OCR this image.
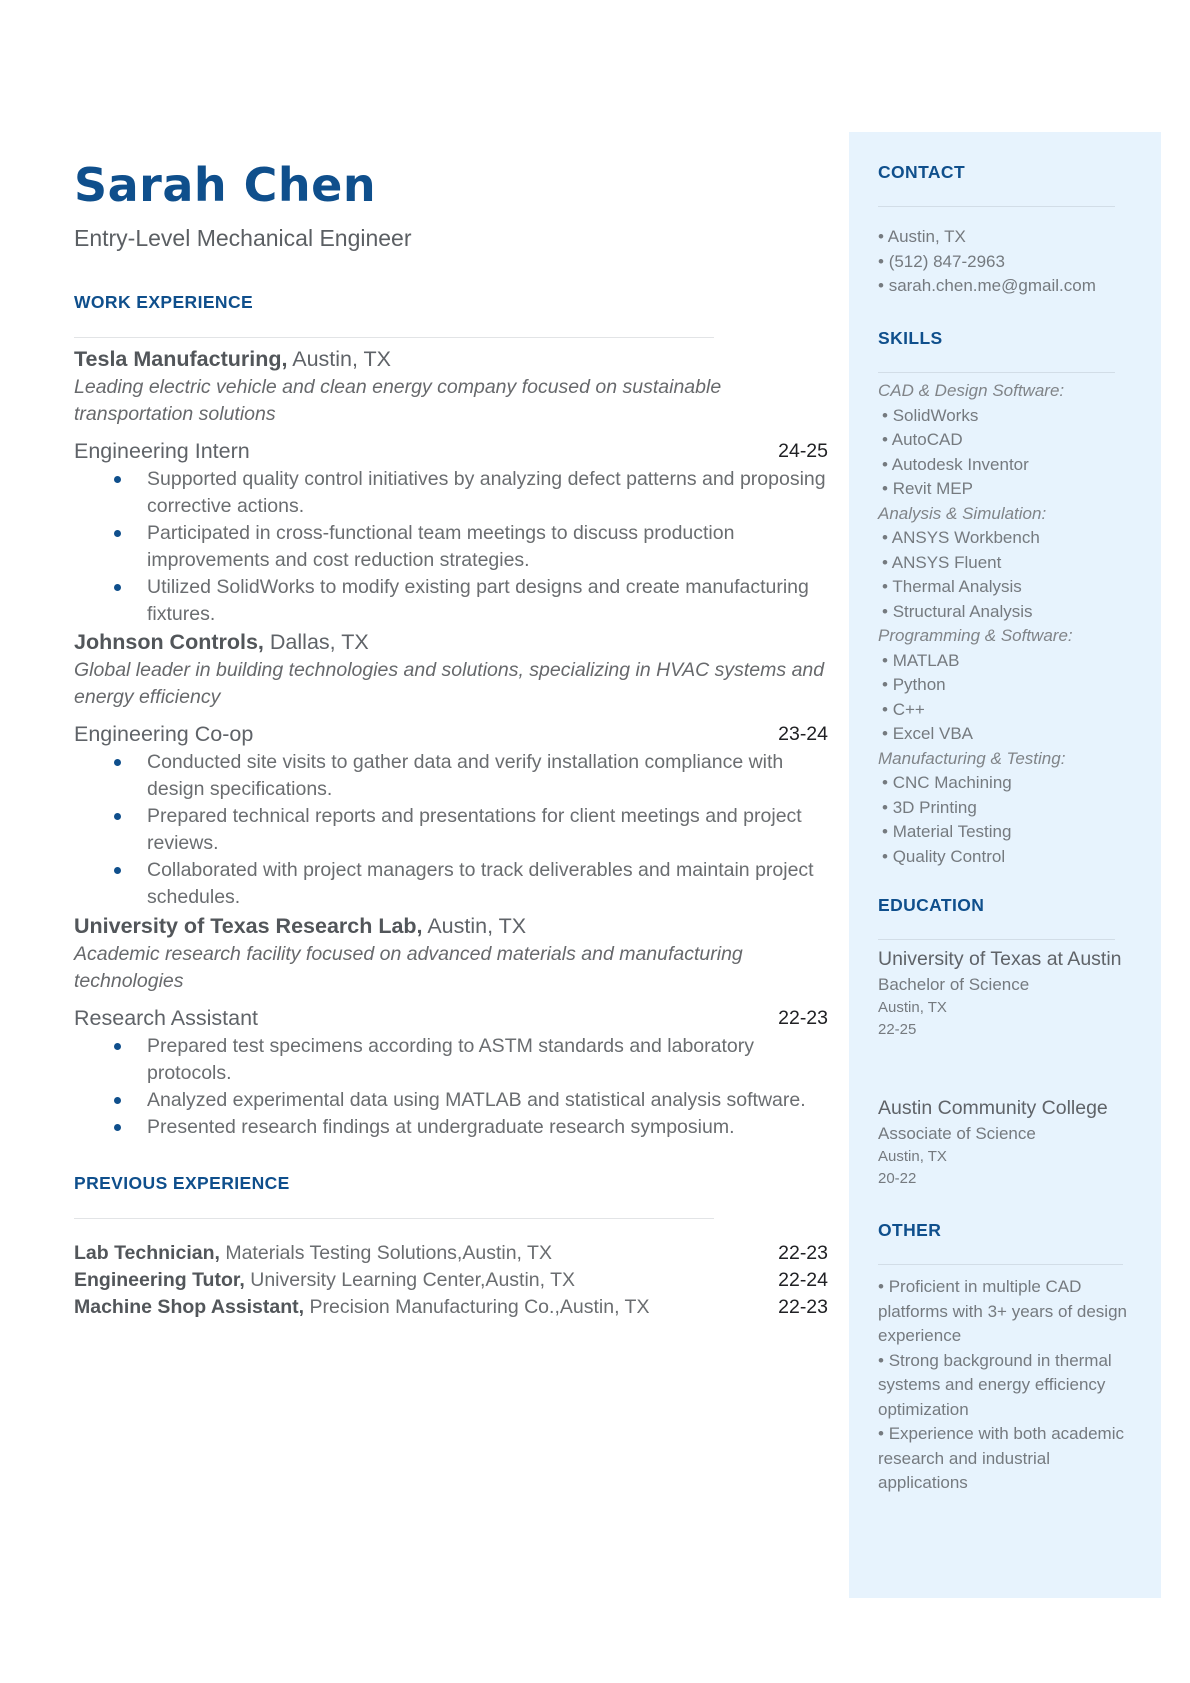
Sarah Chen
Entry-Level Mechanical Engineer
WORK EXPERIENCE
Tesla Manufacturing, Austin, TX
Leading electric vehicle and clean energy company focused on sustainable transportation solutions
Engineering Intern	24-25
Supported quality control initiatives by analyzing defect patterns and proposing corrective actions.
Participated in cross-functional team meetings to discuss production improvements and cost reduction strategies.
Utilized SolidWorks to modify existing part designs and create manufacturing fixtures.
Johnson Controls, Dallas, TX
Global leader in building technologies and solutions, specializing in HVAC systems and energy efficiency
Engineering Co-op	23-24
Conducted site visits to gather data and verify installation compliance with design specifications.
Prepared technical reports and presentations for client meetings and project reviews.
Collaborated with project managers to track deliverables and maintain project schedules.
University of Texas Research Lab, Austin, TX
Academic research facility focused on advanced materials and manufacturing technologies
Research Assistant	22-23
Prepared test specimens according to ASTM standards and laboratory protocols.
Analyzed experimental data using MATLAB and statistical analysis software.
Presented research findings at undergraduate research symposium.
PREVIOUS EXPERIENCE
Lab Technician, Materials Testing Solutions,Austin, TX	22-23
Engineering Tutor, University Learning Center,Austin, TX	22-24
Machine Shop Assistant, Precision Manufacturing Co.,Austin, TX	22-23
CONTACT
• Austin, TX
• (512) 847-2963
• sarah.chen.me@gmail.com
SKILLS
CAD & Design Software:
• SolidWorks
• AutoCAD
• Autodesk Inventor
• Revit MEP
Analysis & Simulation:
• ANSYS Workbench
• ANSYS Fluent
• Thermal Analysis
• Structural Analysis
Programming & Software:
• MATLAB
• Python
• C++
• Excel VBA
Manufacturing & Testing:
• CNC Machining
• 3D Printing
• Material Testing
• Quality Control
EDUCATION
University of Texas at Austin
Bachelor of Science
Austin, TX
22-25
Austin Community College
Associate of Science
Austin, TX
20-22
OTHER
• Proficient in multiple CAD platforms with 3+ years of design experience
• Strong background in thermal systems and energy efficiency optimization
• Experience with both academic research and industrial applications
